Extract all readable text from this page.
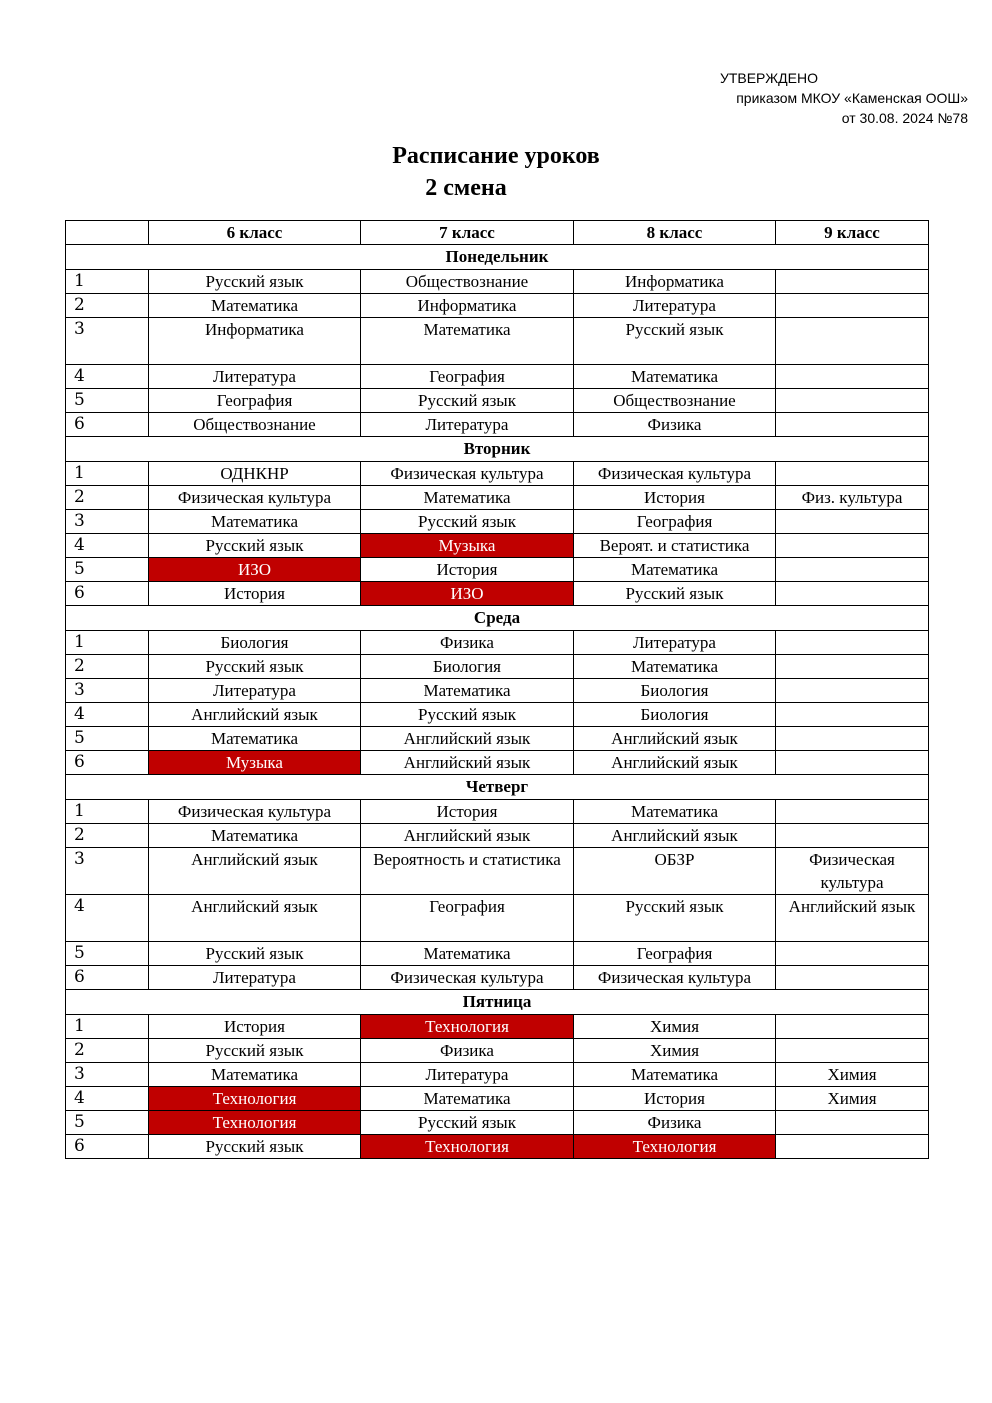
УТВЕРЖДЕНО
приказом МКОУ «Каменская ООШ»
от 30.08. 2024 №78
Расписание уроков
2 смена
	6 класс	7 класс	8 класс	9 класс
Понедельник				
1	Русский язык	Обществознание	Информатика	
2	Математика	Информатика	Литература	
3	Информатика	Математика	Русский язык	
4	Литература	География	Математика	
5	География	Русский язык	Обществознание	
6	Обществознание	Литература	Физика	
Вторник				
1	ОДНКНР	Физическая культура	Физическая культура	
2	Физическая культура	Математика	История	Физ. культура
3	Математика	Русский язык	География	
4	Русский язык	Музыка	Вероят. и статистика	
5	ИЗО	История	Математика	
6	История	ИЗО	Русский язык	
Среда				
1	Биология	Физика	Литература	
2	Русский язык	Биология	Математика	
3	Литература	Математика	Биология	
4	Английский язык	Русский язык	Биология	
5	Математика	Английский язык	Английский язык	
6	Музыка	Английский язык	Английский язык	
Четверг				
1	Физическая культура	История	Математика	
2	Математика	Английский язык	Английский язык	
3	Английский язык	Вероятность и статистика	ОБЗР	Физическая культура
4	Английский язык	География	Русский язык	Английский язык
5	Русский язык	Математика	География	
6	Литература	Физическая культура	Физическая культура	
Пятница				
1	История	Технология	Химия	
2	Русский язык	Физика	Химия	
3	Математика	Литература	Математика	Химия
4	Технология	Математика	История	Химия
5	Технология	Русский язык	Физика	
6	Русский язык	Технология	Технология	
